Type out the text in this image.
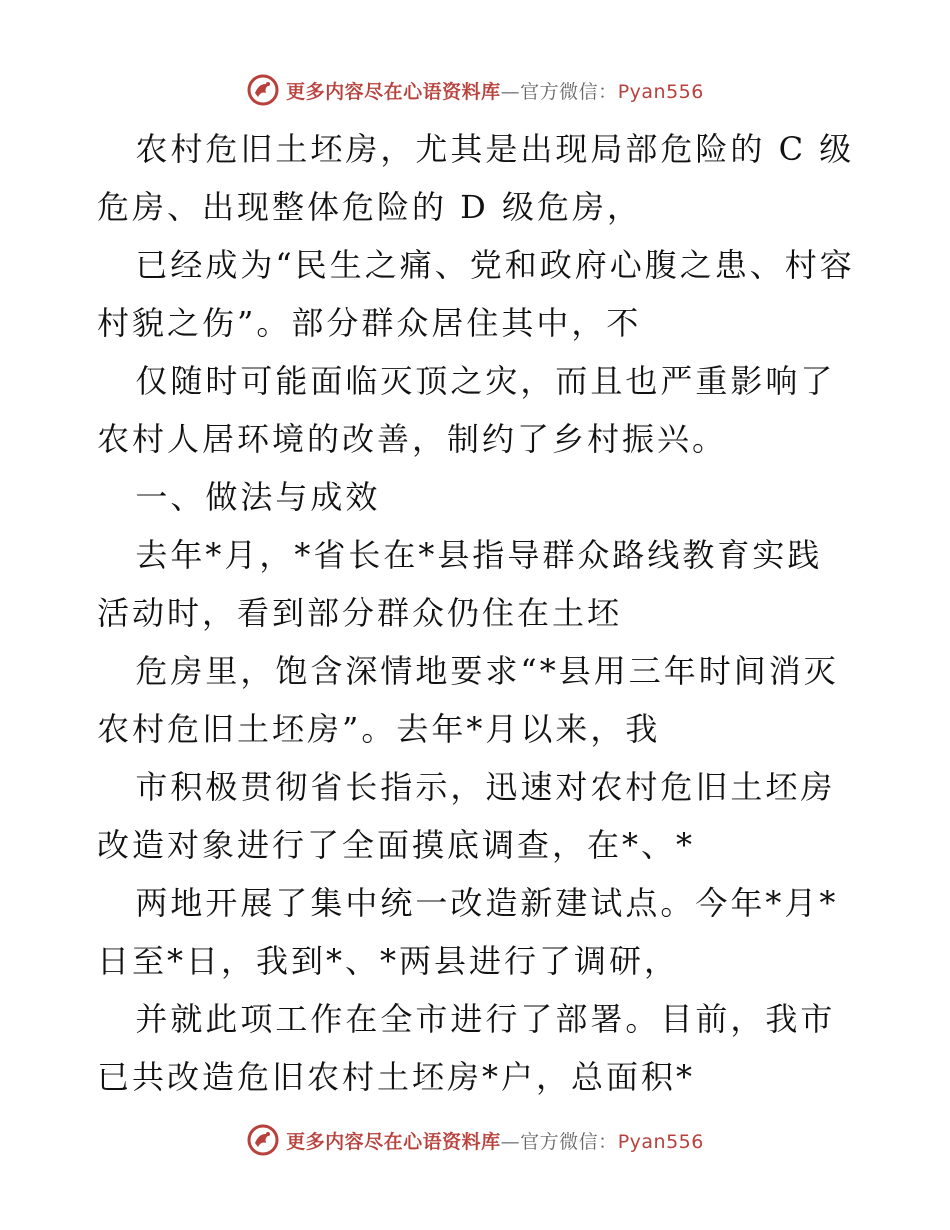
更多内容尽在心语资料库—官方微信：Pyan556

农村危旧土坯房，尤其是出现局部危险的 C 级危房、出现整体危险的 D 级危房，

已经成为“民生之痛、党和政府心腹之患、村容村貌之伤”。部分群众居住其中，不

仅随时可能面临灭顶之灾，而且也严重影响了农村人居环境的改善，制约了乡村振兴。

一、做法与成效

去年*月，*省长在*县指导群众路线教育实践活动时，看到部分群众仍住在土坯

危房里，饱含深情地要求“*县用三年时间消灭农村危旧土坯房”。去年*月以来，我

市积极贯彻省长指示，迅速对农村危旧土坯房改造对象进行了全面摸底调查，在*、*

两地开展了集中统一改造新建试点。今年*月*日至*日，我到*、*两县进行了调研，

并就此项工作在全市进行了部署。目前，我市已共改造危旧农村土坯房*户，总面积*

更多内容尽在心语资料库—官方微信：Pyan556
